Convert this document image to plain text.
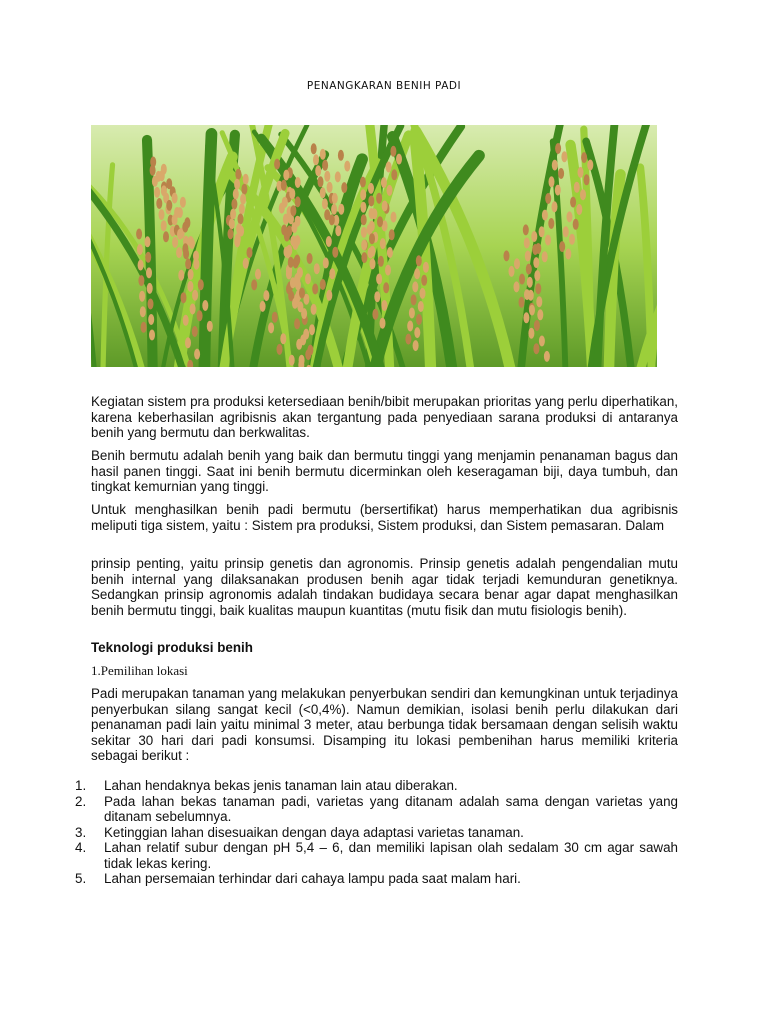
PENANGKARAN BENIH PADI

Kegiatan sistem pra produksi ketersediaan benih/bibit merupakan prioritas yang perlu diperhatikan, karena keberhasilan agribisnis akan tergantung pada penyediaan sarana produksi di antaranya benih yang bermutu dan berkwalitas.

Benih bermutu adalah benih yang baik dan bermutu tinggi yang menjamin penanaman bagus dan hasil panen tinggi. Saat ini benih bermutu dicerminkan oleh keseragaman biji, daya tumbuh, dan tingkat kemurnian yang tinggi.

Untuk menghasilkan benih padi bermutu (bersertifikat) harus memperhatikan dua agribisnis meliputi tiga sistem, yaitu : Sistem pra produksi, Sistem produksi, dan Sistem pemasaran. Dalam

prinsip penting, yaitu prinsip genetis dan agronomis. Prinsip genetis adalah pengendalian mutu benih internal yang dilaksanakan produsen benih agar tidak terjadi kemunduran genetiknya. Sedangkan prinsip agronomis adalah tindakan budidaya secara benar agar dapat menghasilkan benih bermutu tinggi, baik kualitas maupun kuantitas (mutu fisik dan mutu fisiologis benih).

Teknologi produksi benih
1.Pemilihan lokasi

Padi merupakan tanaman yang melakukan penyerbukan sendiri dan kemungkinan untuk terjadinya penyerbukan silang sangat kecil (<0,4%). Namun demikian, isolasi benih perlu dilakukan dari penanaman padi lain yaitu minimal 3 meter, atau berbunga tidak bersamaan dengan selisih waktu sekitar 30 hari dari padi konsumsi. Disamping itu lokasi pembenihan harus memiliki kriteria sebagai berikut :

1.	Lahan hendaknya bekas jenis tanaman lain atau diberakan.
2.	Pada lahan bekas tanaman padi, varietas yang ditanam adalah sama dengan varietas yang ditanam sebelumnya.
3.	Ketinggian lahan disesuaikan dengan daya adaptasi varietas tanaman.
4.	Lahan relatif subur dengan pH 5,4 – 6, dan memiliki lapisan olah sedalam 30 cm agar sawah tidak lekas kering.
5.	Lahan persemaian terhindar dari cahaya lampu pada saat malam hari.
